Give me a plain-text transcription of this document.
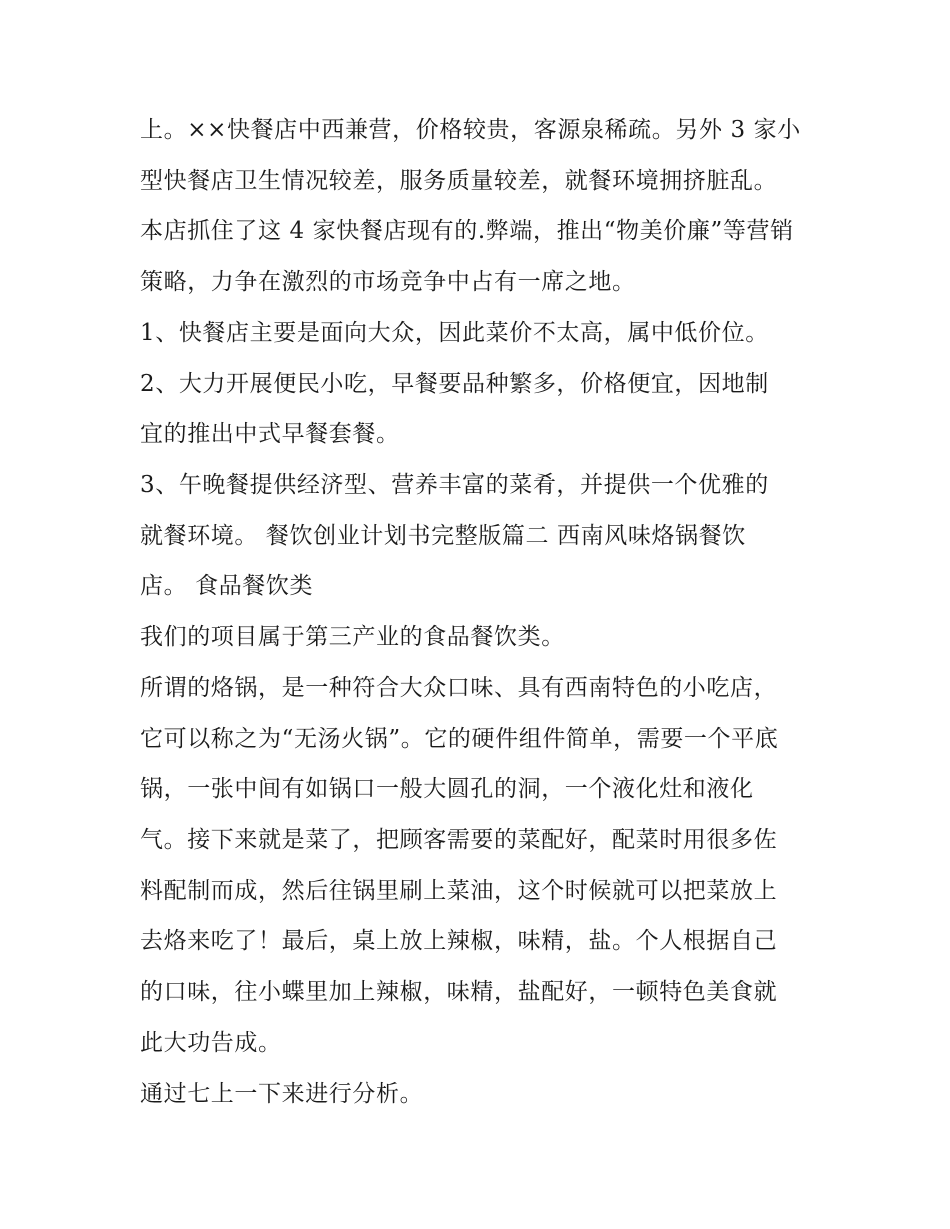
上。××快餐店中西兼营，价格较贵，客源泉稀疏。另外 3 家小
型快餐店卫生情况较差，服务质量较差，就餐环境拥挤脏乱。
本店抓住了这 4 家快餐店现有的.弊端，推出“物美价廉”等营销
策略，力争在激烈的市场竞争中占有一席之地。
1、快餐店主要是面向大众，因此菜价不太高，属中低价位。
2、大力开展便民小吃，早餐要品种繁多，价格便宜，因地制
宜的推出中式早餐套餐。
3、午晚餐提供经济型、营养丰富的菜肴，并提供一个优雅的
就餐环境。 餐饮创业计划书完整版篇二 西南风味烙锅餐饮
店。 食品餐饮类
我们的项目属于第三产业的食品餐饮类。
所谓的烙锅，是一种符合大众口味、具有西南特色的小吃店，
它可以称之为“无汤火锅”。它的硬件组件简单，需要一个平底
锅，一张中间有如锅口一般大圆孔的洞，一个液化灶和液化
气。接下来就是菜了，把顾客需要的菜配好，配菜时用很多佐
料配制而成，然后往锅里刷上菜油，这个时候就可以把菜放上
去烙来吃了！最后，桌上放上辣椒，味精，盐。个人根据自己
的口味，往小蝶里加上辣椒，味精，盐配好，一顿特色美食就
此大功告成。
通过七上一下来进行分析。
